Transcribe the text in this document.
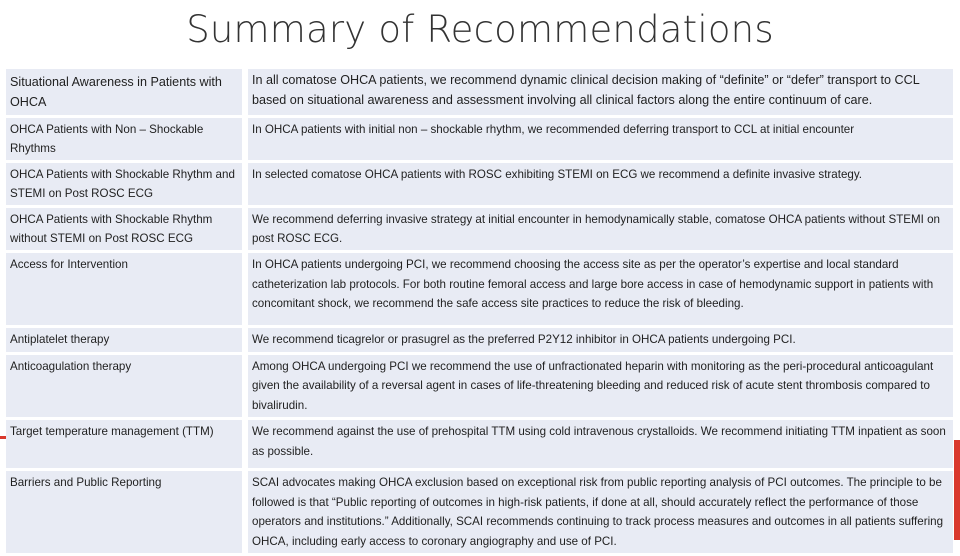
Summary of Recommendations
Situational Awareness in Patients with OHCA		In all comatose OHCA patients, we recommend dynamic clinical decision making of “definite” or “defer” transport to CCL based on situational awareness and assessment involving all clinical factors along the entire continuum of care.
OHCA Patients with Non – Shockable Rhythms		In OHCA patients with initial non – shockable rhythm, we recommended deferring transport to CCL at initial encounter
OHCA Patients with Shockable Rhythm and STEMI on Post ROSC ECG		In selected comatose OHCA patients with ROSC exhibiting STEMI on ECG we recommend a definite invasive strategy.
OHCA Patients with Shockable Rhythm without STEMI on Post ROSC ECG		We recommend deferring invasive strategy at initial encounter in hemodynamically stable, comatose OHCA patients without STEMI on post ROSC ECG.
Access for Intervention		In OHCA patients undergoing PCI, we recommend choosing the access site as per the operator’s expertise and local standard catheterization lab protocols. For both routine femoral access and large bore access in case of hemodynamic support in patients with concomitant shock, we recommend the safe access site practices to reduce the risk of bleeding.
Antiplatelet therapy		We recommend ticagrelor or prasugrel as the preferred P2Y12 inhibitor in OHCA patients undergoing PCI.
Anticoagulation therapy		Among OHCA undergoing PCI we recommend the use of unfractionated heparin with monitoring as the peri-procedural anticoagulant given the availability of a reversal agent in cases of life-threatening bleeding and reduced risk of acute stent thrombosis compared to bivalirudin.
Target temperature management (TTM)		We recommend against the use of prehospital TTM using cold intravenous crystalloids. We recommend initiating TTM inpatient as soon as possible.
Barriers and Public Reporting		SCAI advocates making OHCA exclusion based on exceptional risk from public reporting analysis of PCI outcomes. The principle to be followed is that “Public reporting of outcomes in high-risk patients, if done at all, should accurately reflect the performance of those operators and institutions.” Additionally, SCAI recommends continuing to track process measures and outcomes in all patients suffering OHCA, including early access to coronary angiography and use of PCI.
